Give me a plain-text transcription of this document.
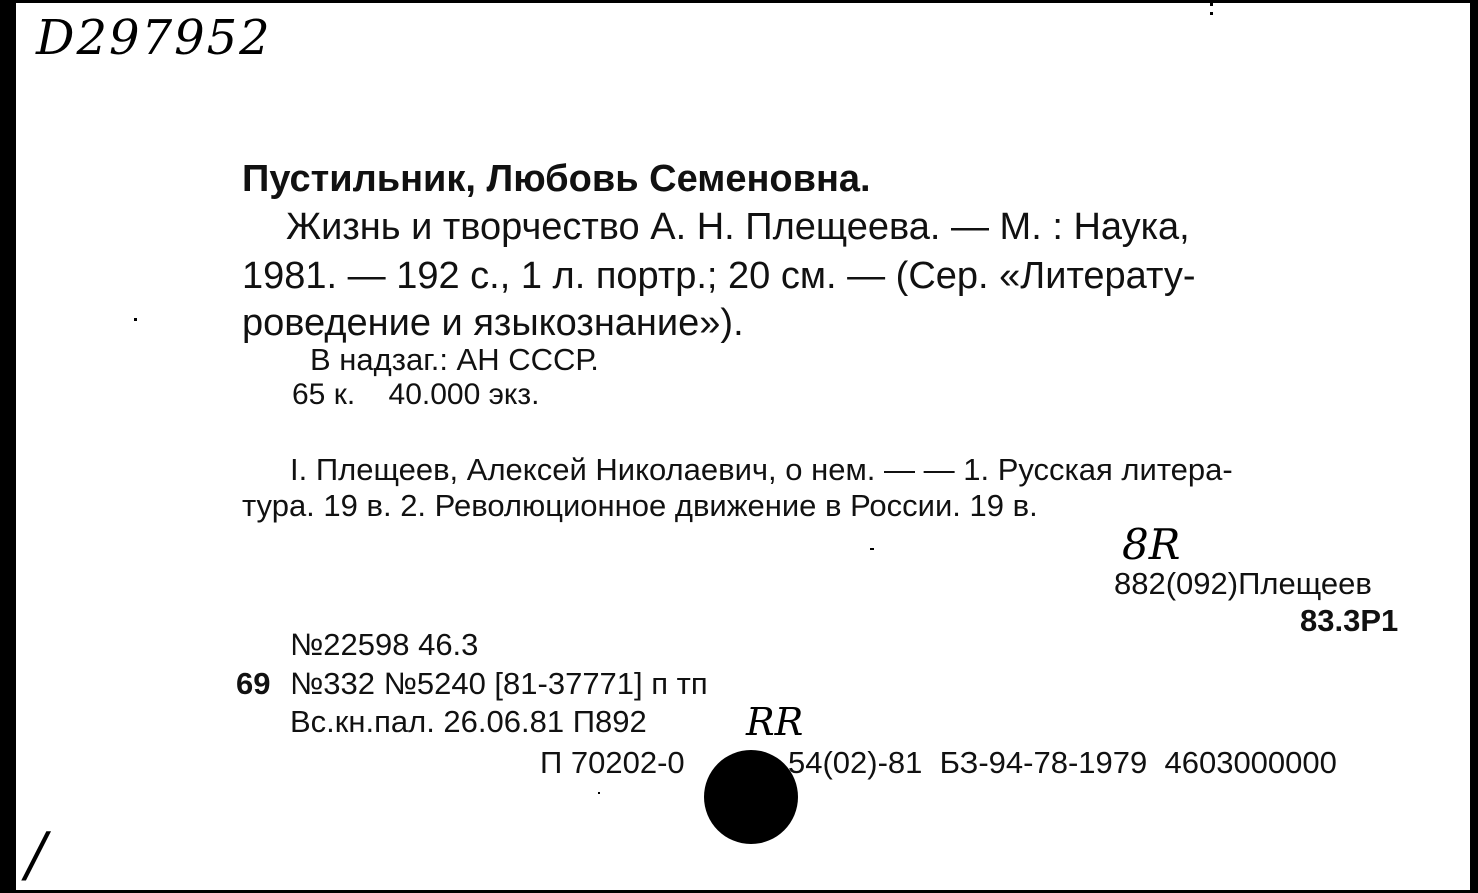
D297952
Пустильник, Любовь Семеновна.
Жизнь и творчество А. Н. Плещеева. — М. : Наука,
1981. — 192 с., 1 л. портр.; 20 см. — (Сер. «Литерату-
роведение и языкознание»).
В надзаг.: АН СССР.
65 к.    40.000 экз.
I. Плещеев, Алексей Николаевич, о нем. — — 1. Русская литера-
тура. 19 в. 2. Революционное движение в России. 19 в.
8R
882(092)Плещеев
83.3Р1
№22598 46.3
69 №332 №5240 [81-37771] п тп
Вс.кн.пал. 26.06.81 П892	RR
П 70202-0	54(02)-81  БЗ-94-78-1979  4603000000
/
